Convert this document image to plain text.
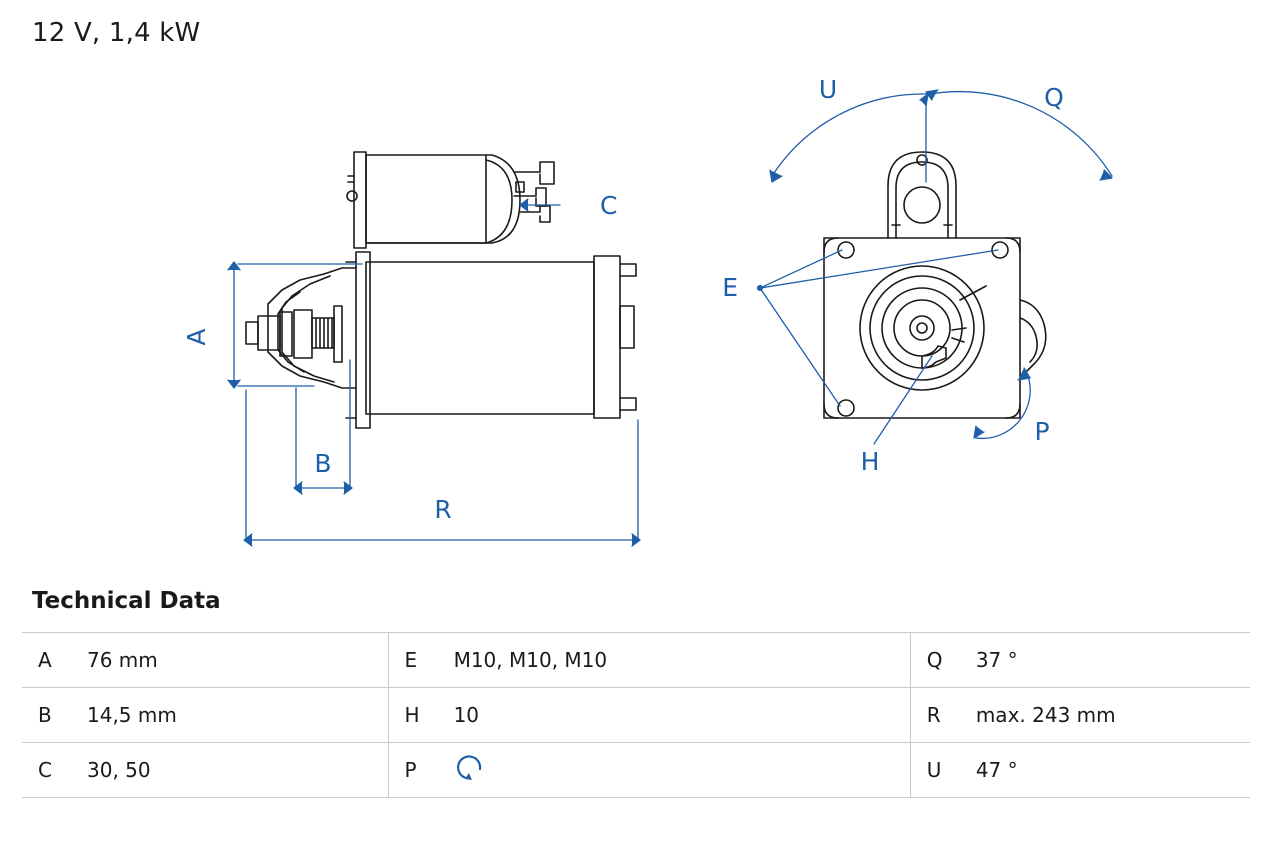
12 V, 1,4 kW
A
B
R
C
E
H
U	Q
P
Technical Data
A	76 mm	E	M10, M10, M10	Q	37 °
B	14,5 mm	H	10	R	max. 243 mm
C	30, 50	P		U	47 °
